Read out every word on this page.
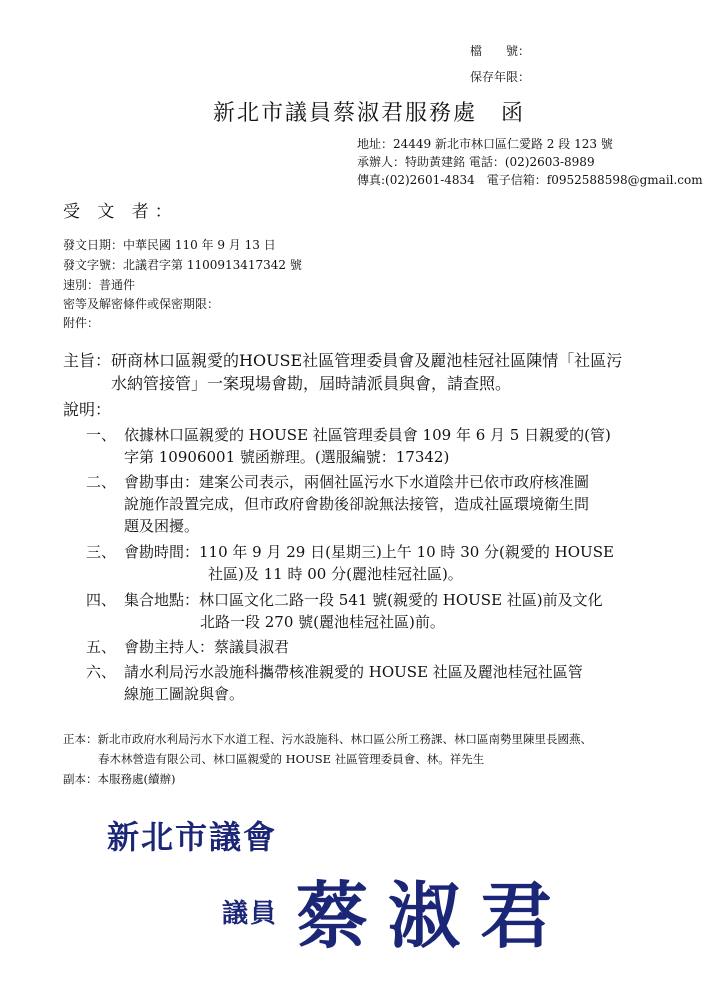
檔　　號：
保存年限：
新北市議員蔡淑君服務處　函
地址：24449 新北市林口區仁愛路 2 段 123 號
承辦人：特助黃建銘 電話：(02)2603-8989
傳真:(02)2601-4834　電子信箱：f0952588598@gmail.com
受 文 者：
發文日期：中華民國 110 年 9 月 13 日
發文字號：北議君字第 1100913417342 號
速別：普通件
密等及解密條件或保密期限：
附件：
主旨：研商林口區親愛的HOUSE社區管理委員會及麗池桂冠社區陳情「社區污
水納管接管」一案現場會勘，屆時請派員與會，請查照。
說明：
一、 依據林口區親愛的 HOUSE 社區管理委員會 109 年 6 月 5 日親愛的(管)
字第 10906001 號函辦理。(選服編號：17342)
二、 會勘事由：建案公司表示，兩個社區污水下水道陰井已依市政府核准圖
說施作設置完成，但市政府會勘後卻說無法接管，造成社區環境衛生問
題及困擾。
三、 會勘時間：110 年 9 月 29 日(星期三)上午 10 時 30 分(親愛的 HOUSE
社區)及 11 時 00 分(麗池桂冠社區)。
四、 集合地點：林口區文化二路一段 541 號(親愛的 HOUSE 社區)前及文化
北路一段 270 號(麗池桂冠社區)前。
五、 會勘主持人：蔡議員淑君
六、 請水利局污水設施科攜帶核准親愛的 HOUSE 社區及麗池桂冠社區管
線施工圖說與會。
正本：新北市政府水利局污水下水道工程、污水設施科、林口區公所工務課、林口區南勢里陳里長國燕、
春木林營造有限公司、林口區親愛的 HOUSE 社區管理委員會、林。祥先生
副本：本服務處(續辦)
新北市議會
議員 蔡淑君
